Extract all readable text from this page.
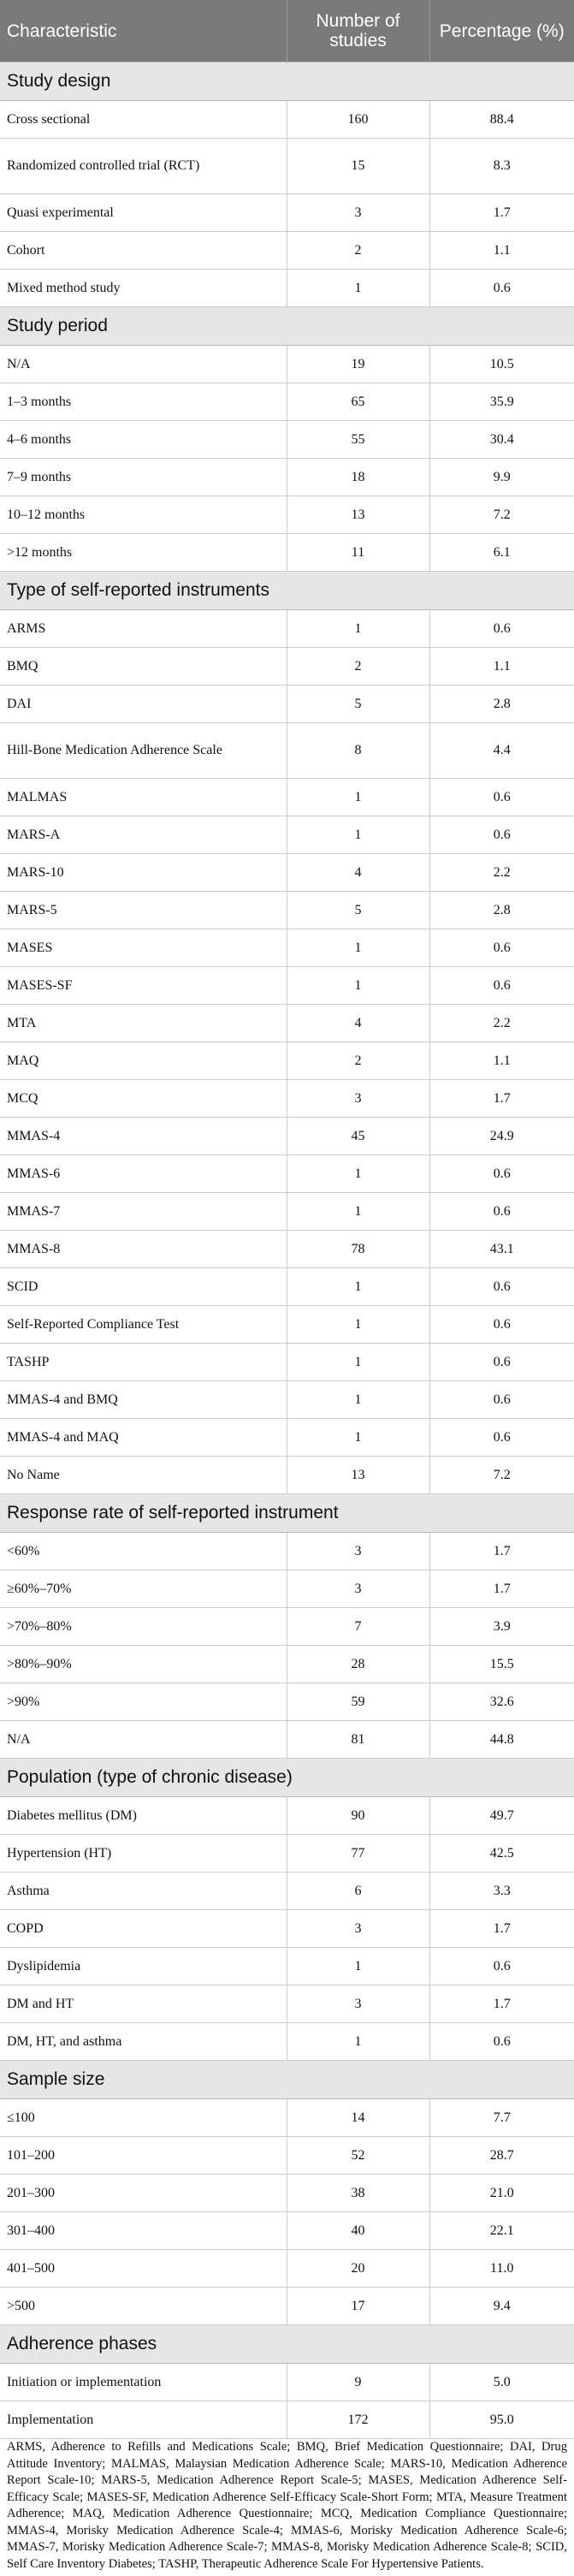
Characteristic	Number of studies	Percentage (%)
Study design		
Cross sectional	160	88.4
Randomized controlled trial (RCT)	15	8.3
Quasi experimental	3	1.7
Cohort	2	1.1
Mixed method study	1	0.6
Study period		
N/A	19	10.5
1–3 months	65	35.9
4–6 months	55	30.4
7–9 months	18	9.9
10–12 months	13	7.2
>12 months	11	6.1
Type of self-reported instruments		
ARMS	1	0.6
BMQ	2	1.1
DAI	5	2.8
Hill-Bone Medication Adherence Scale	8	4.4
MALMAS	1	0.6
MARS-A	1	0.6
MARS-10	4	2.2
MARS-5	5	2.8
MASES	1	0.6
MASES-SF	1	0.6
MTA	4	2.2
MAQ	2	1.1
MCQ	3	1.7
MMAS-4	45	24.9
MMAS-6	1	0.6
MMAS-7	1	0.6
MMAS-8	78	43.1
SCID	1	0.6
Self-Reported Compliance Test	1	0.6
TASHP	1	0.6
MMAS-4 and BMQ	1	0.6
MMAS-4 and MAQ	1	0.6
No Name	13	7.2
Response rate of self-reported instrument		
<60%	3	1.7
≥60%–70%	3	1.7
>70%–80%	7	3.9
>80%–90%	28	15.5
>90%	59	32.6
N/A	81	44.8
Population (type of chronic disease)		
Diabetes mellitus (DM)	90	49.7
Hypertension (HT)	77	42.5
Asthma	6	3.3
COPD	3	1.7
Dyslipidemia	1	0.6
DM and HT	3	1.7
DM, HT, and asthma	1	0.6
Sample size		
≤100	14	7.7
101–200	52	28.7
201–300	38	21.0
301–400	40	22.1
401–500	20	11.0
>500	17	9.4
Adherence phases		
Initiation or implementation	9	5.0
Implementation	172	95.0
ARMS, Adherence to Refills and Medications Scale; BMQ, Brief Medication Questionnaire; DAI, Drug Attitude Inventory; MALMAS, Malaysian Medication Adherence Scale; MARS-10, Medication Adherence Report Scale-10; MARS-5, Medication Adherence Report Scale-5; MASES, Medication Adherence Self-Efficacy Scale; MASES-SF, Medication Adherence Self-Efficacy Scale-Short Form; MTA, Measure Treatment Adherence; MAQ, Medication Adherence Questionnaire; MCQ, Medication Compliance Questionnaire; MMAS-4, Morisky Medication Adherence Scale-4; MMAS-6, Morisky Medication Adherence Scale-6; MMAS-7, Morisky Medication Adherence Scale-7; MMAS-8, Morisky Medication Adherence Scale-8; SCID, Self Care Inventory Diabetes; TASHP, Therapeutic Adherence Scale For Hypertensive Patients.
